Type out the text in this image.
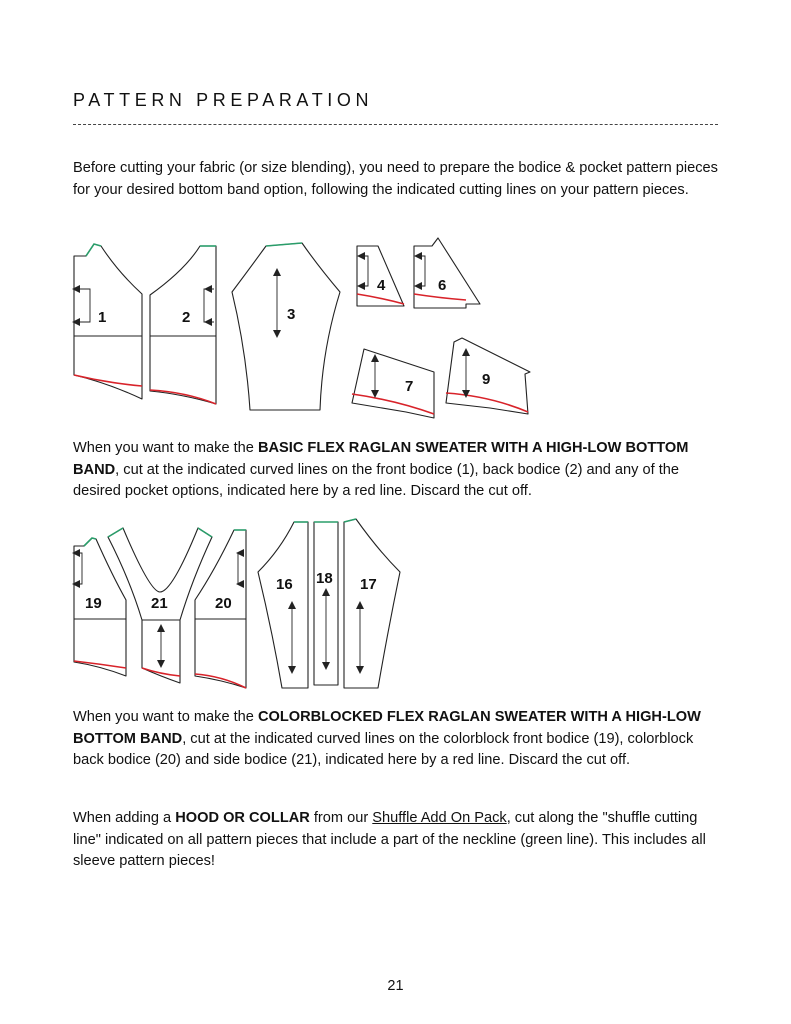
PATTERN PREPARATION

Before cutting your fabric (or size blending), you need to prepare the bodice & pocket pattern pieces for your desired bottom band option, following the indicated cutting lines on your pattern pieces.

1	2	3
4	6
7	9

When you want to make the BASIC FLEX RAGLAN SWEATER WITH A HIGH-LOW BOTTOM BAND, cut at the indicated curved lines on the front bodice (1), back bodice (2) and any of the desired pocket options, indicated here by a red line. Discard the cut off.

19	21	20
16 18 17

When you want to make the COLORBLOCKED FLEX RAGLAN SWEATER WITH A HIGH-LOW BOTTOM BAND, cut at the indicated curved lines on the colorblock front bodice (19), colorblock back bodice (20) and side bodice (21), indicated here by a red line. Discard the cut off.

When adding a HOOD OR COLLAR from our Shuffle Add On Pack, cut along the "shuffle cutting line" indicated on all pattern pieces that include a part of the neckline (green line). This includes all sleeve pattern pieces!

21
